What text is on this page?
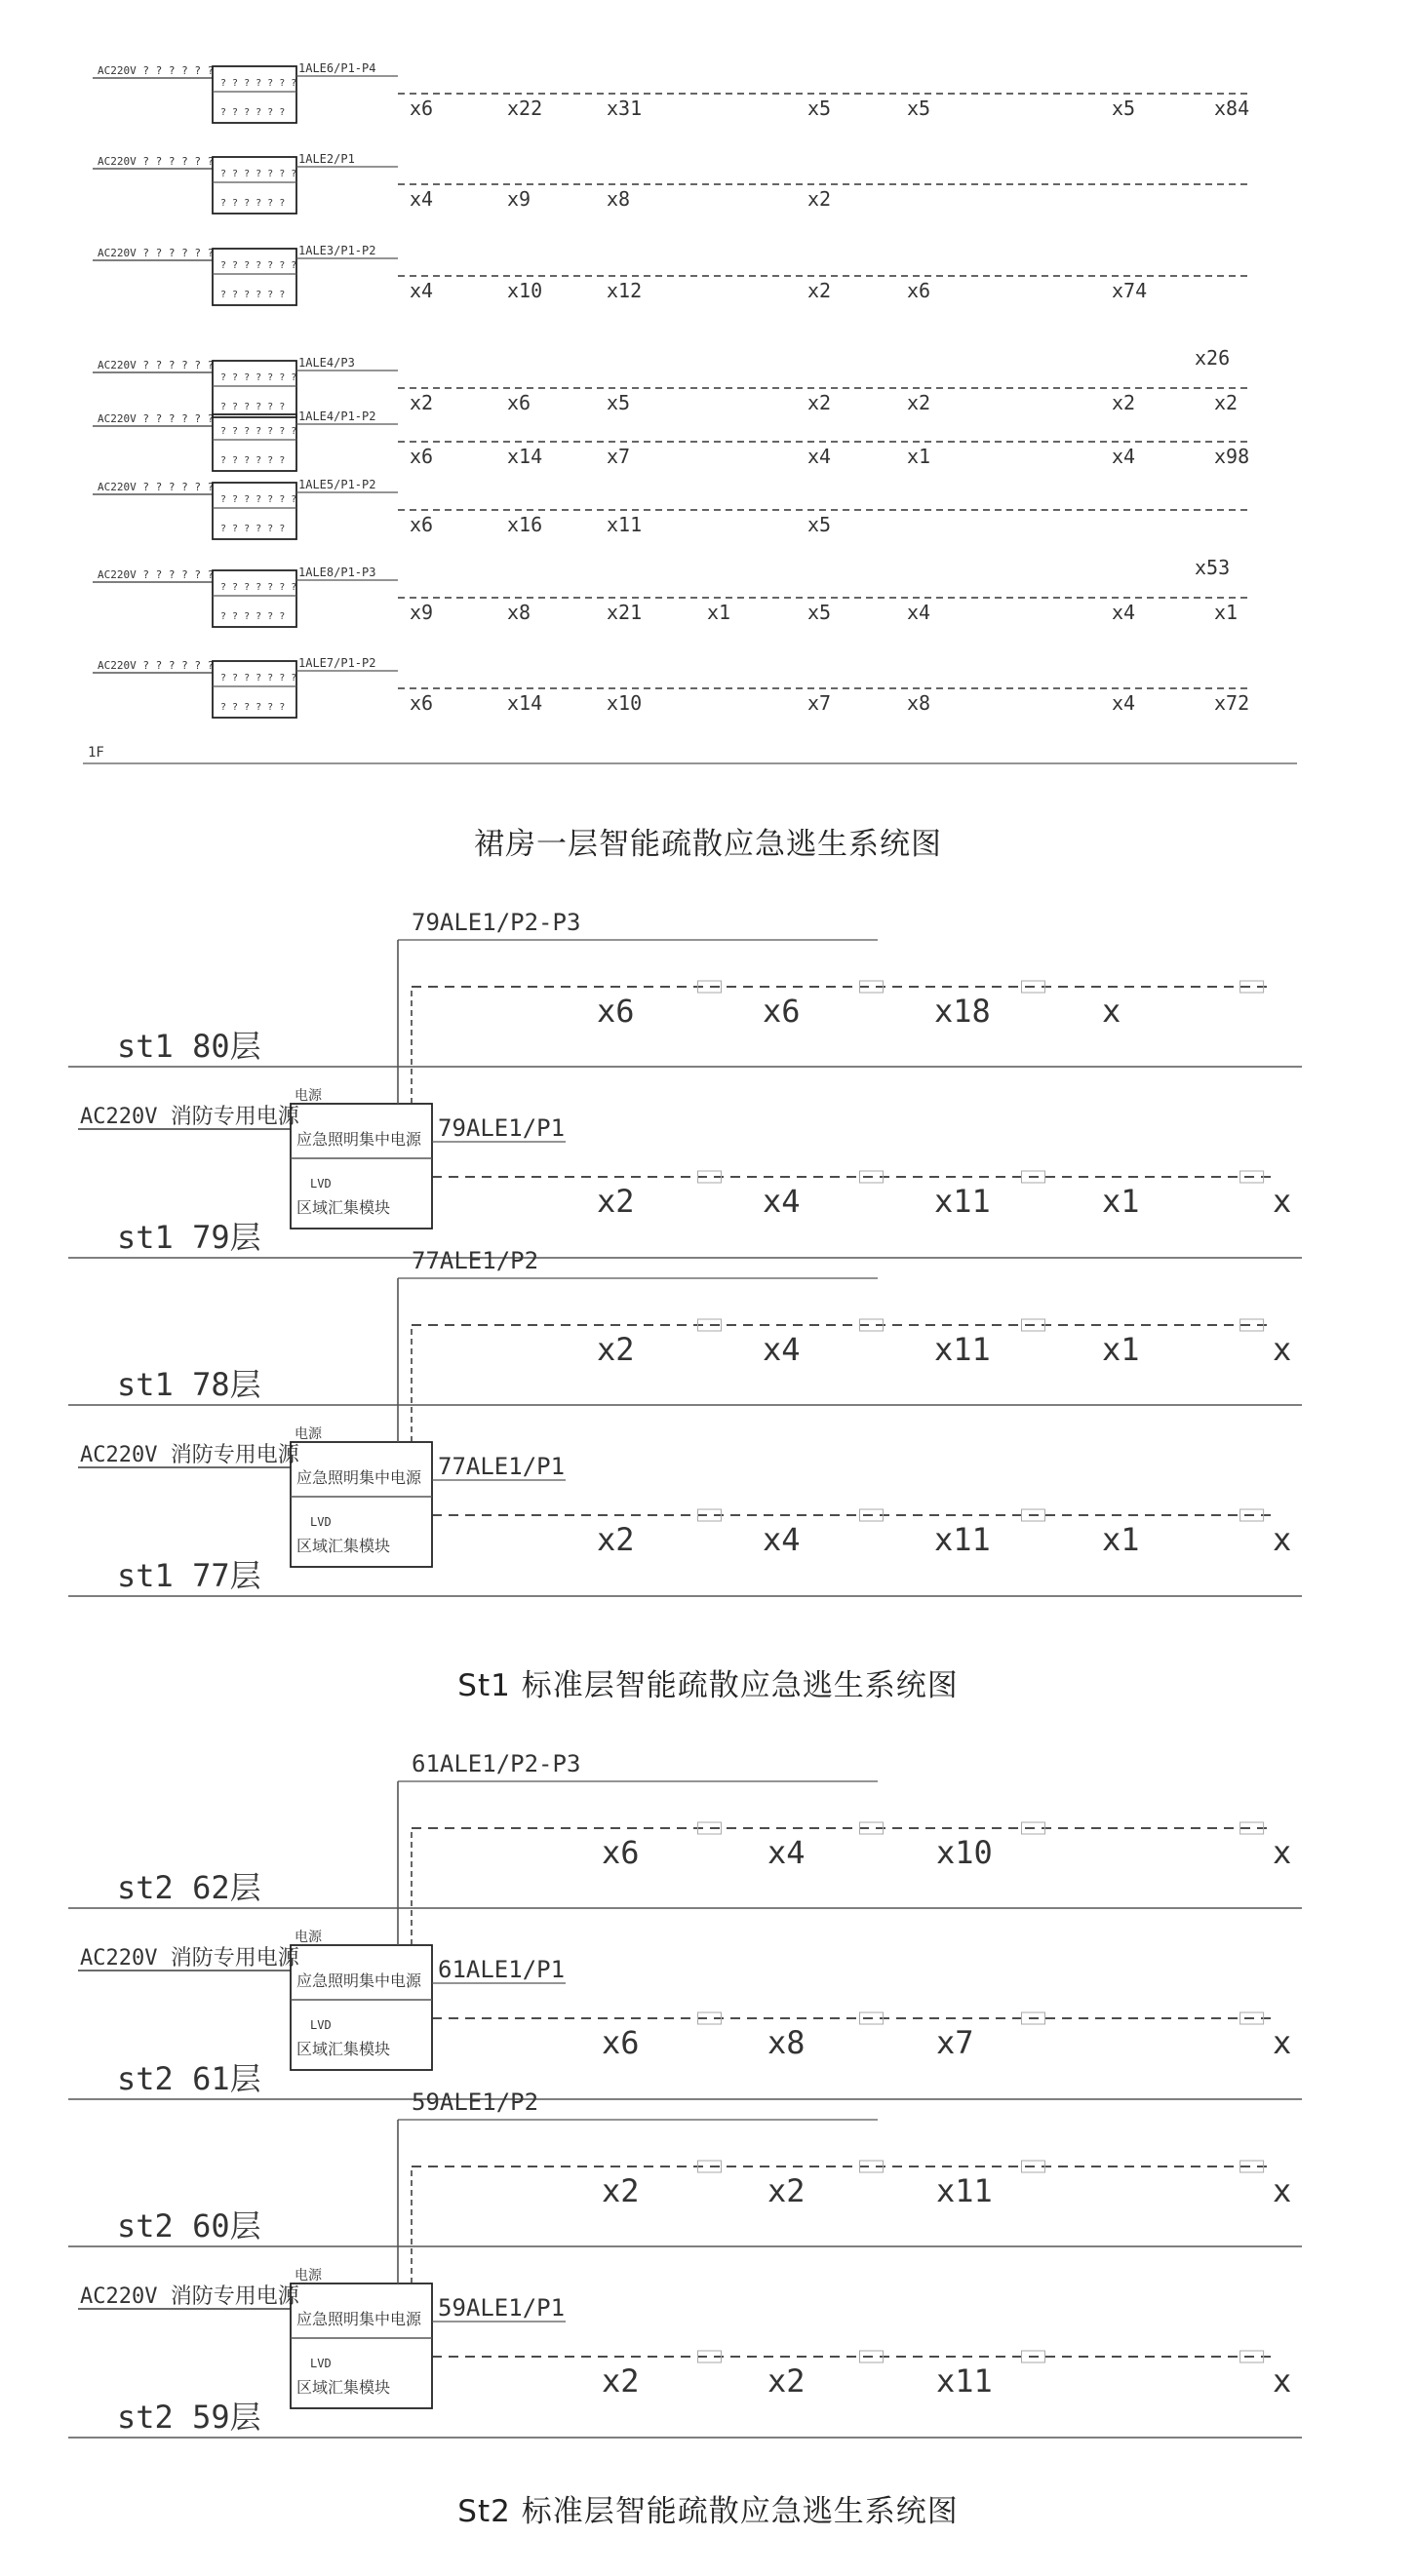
AC220V ? ? ? ? ? ?
? ? ? ? ? ? ?
? ? ? ? ? ?
1ALE6/P1-P4
x6	x22	x31	x5	x5	x5	x84
AC220V ? ? ? ? ? ?
? ? ? ? ? ? ?
? ? ? ? ? ?
1ALE2/P1
x4	x9	x8	x2
AC220V ? ? ? ? ? ?
? ? ? ? ? ? ?
? ? ? ? ? ?
1ALE3/P1-P2
x4	x10	x12	x2	x6	x74
AC220V ? ? ? ? ? ?
? ? ? ? ? ? ?
? ? ? ? ? ?
1ALE4/P3
x2	x6	x5	x2	x2	x2	x2
x26
AC220V ? ? ? ? ? ?
? ? ? ? ? ? ?
? ? ? ? ? ?
1ALE4/P1-P2
x6	x14	x7	x4	x1	x4	x98
AC220V ? ? ? ? ? ?
? ? ? ? ? ? ?
? ? ? ? ? ?
1ALE5/P1-P2
x6	x16	x11	x5
AC220V ? ? ? ? ? ?
? ? ? ? ? ? ?
? ? ? ? ? ?
1ALE8/P1-P3
x9	x8	x21	x1	x5	x4	x4	x1
x53
AC220V ? ? ? ? ? ?
? ? ? ? ? ? ?
? ? ? ? ? ?
1ALE7/P1-P2
x6	x14	x10	x7	x8	x4	x72
1F
st1 80层
st1 79层
AC220V 消防专用电源
电源
应急照明集中电源
LVD
区域汇集模块
79ALE1/P2-P3
x6	x6	x18	x
79ALE1/P1
x2	x4	x11	x1	x
st1 78层
st1 77层
AC220V 消防专用电源
电源
应急照明集中电源
LVD
区域汇集模块
77ALE1/P2
x2	x4	x11	x1	x
77ALE1/P1
x2	x4	x11	x1	x
st2 62层
st2 61层
AC220V 消防专用电源
电源
应急照明集中电源
LVD
区域汇集模块
61ALE1/P2-P3
x6	x4	x10	x
61ALE1/P1
x6	x8	x7	x
st2 60层
st2 59层
AC220V 消防专用电源
电源
应急照明集中电源
LVD
区域汇集模块
59ALE1/P2
x2	x2	x11	x
59ALE1/P1
x2	x2	x11	x
裙房一层智能疏散应急逃生系统图
St1 标准层智能疏散应急逃生系统图
St2 标准层智能疏散应急逃生系统图
